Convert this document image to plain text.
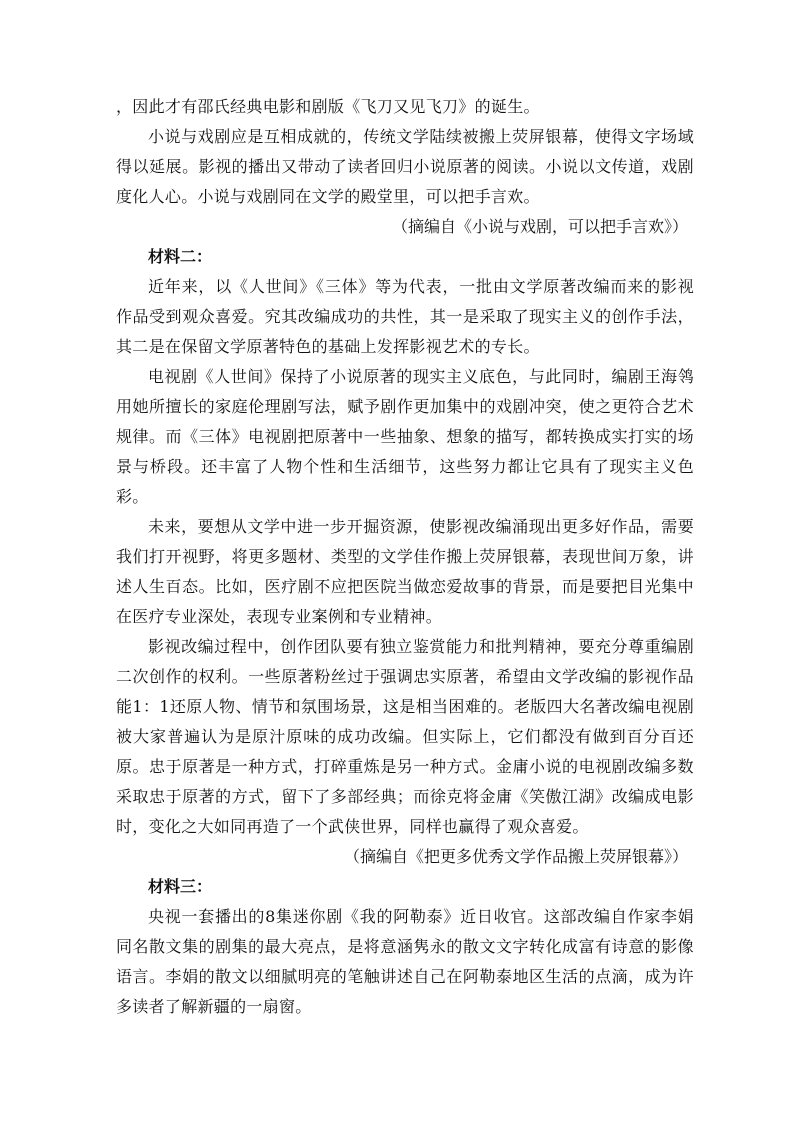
，因此才有邵氏经典电影和剧版《飞刀又见飞刀》的诞生。

小说与戏剧应是互相成就的，传统文学陆续被搬上荧屏银幕，使得文字场域得以延展。影视的播出又带动了读者回归小说原著的阅读。小说以文传道，戏剧度化人心。小说与戏剧同在文学的殿堂里，可以把手言欢。

（摘编自《小说与戏剧，可以把手言欢》）

材料二：

近年来，以《人世间》《三体》等为代表，一批由文学原著改编而来的影视作品受到观众喜爱。究其改编成功的共性，其一是采取了现实主义的创作手法，其二是在保留文学原著特色的基础上发挥影视艺术的专长。

电视剧《人世间》保持了小说原著的现实主义底色，与此同时，编剧王海鸰用她所擅长的家庭伦理剧写法，赋予剧作更加集中的戏剧冲突，使之更符合艺术规律。而《三体》电视剧把原著中一些抽象、想象的描写，都转换成实打实的场景与桥段。还丰富了人物个性和生活细节，这些努力都让它具有了现实主义色彩。

未来，要想从文学中进一步开掘资源，使影视改编涌现出更多好作品，需要我们打开视野，将更多题材、类型的文学佳作搬上荧屏银幕，表现世间万象，讲述人生百态。比如，医疗剧不应把医院当做恋爱故事的背景，而是要把目光集中在医疗专业深处，表现专业案例和专业精神。

影视改编过程中，创作团队要有独立鉴赏能力和批判精神，要充分尊重编剧二次创作的权利。一些原著粉丝过于强调忠实原著，希望由文学改编的影视作品能1：1还原人物、情节和氛围场景，这是相当困难的。老版四大名著改编电视剧被大家普遍认为是原汁原味的成功改编。但实际上，它们都没有做到百分百还原。忠于原著是一种方式，打碎重炼是另一种方式。金庸小说的电视剧改编多数采取忠于原著的方式，留下了多部经典；而徐克将金庸《笑傲江湖》改编成电影时，变化之大如同再造了一个武侠世界，同样也赢得了观众喜爱。

（摘编自《把更多优秀文学作品搬上荧屏银幕》）

材料三：

央视一套播出的8集迷你剧《我的阿勒泰》近日收官。这部改编自作家李娟同名散文集的剧集的最大亮点，是将意涵隽永的散文文字转化成富有诗意的影像语言。李娟的散文以细腻明亮的笔触讲述自己在阿勒泰地区生活的点滴，成为许多读者了解新疆的一扇窗。
